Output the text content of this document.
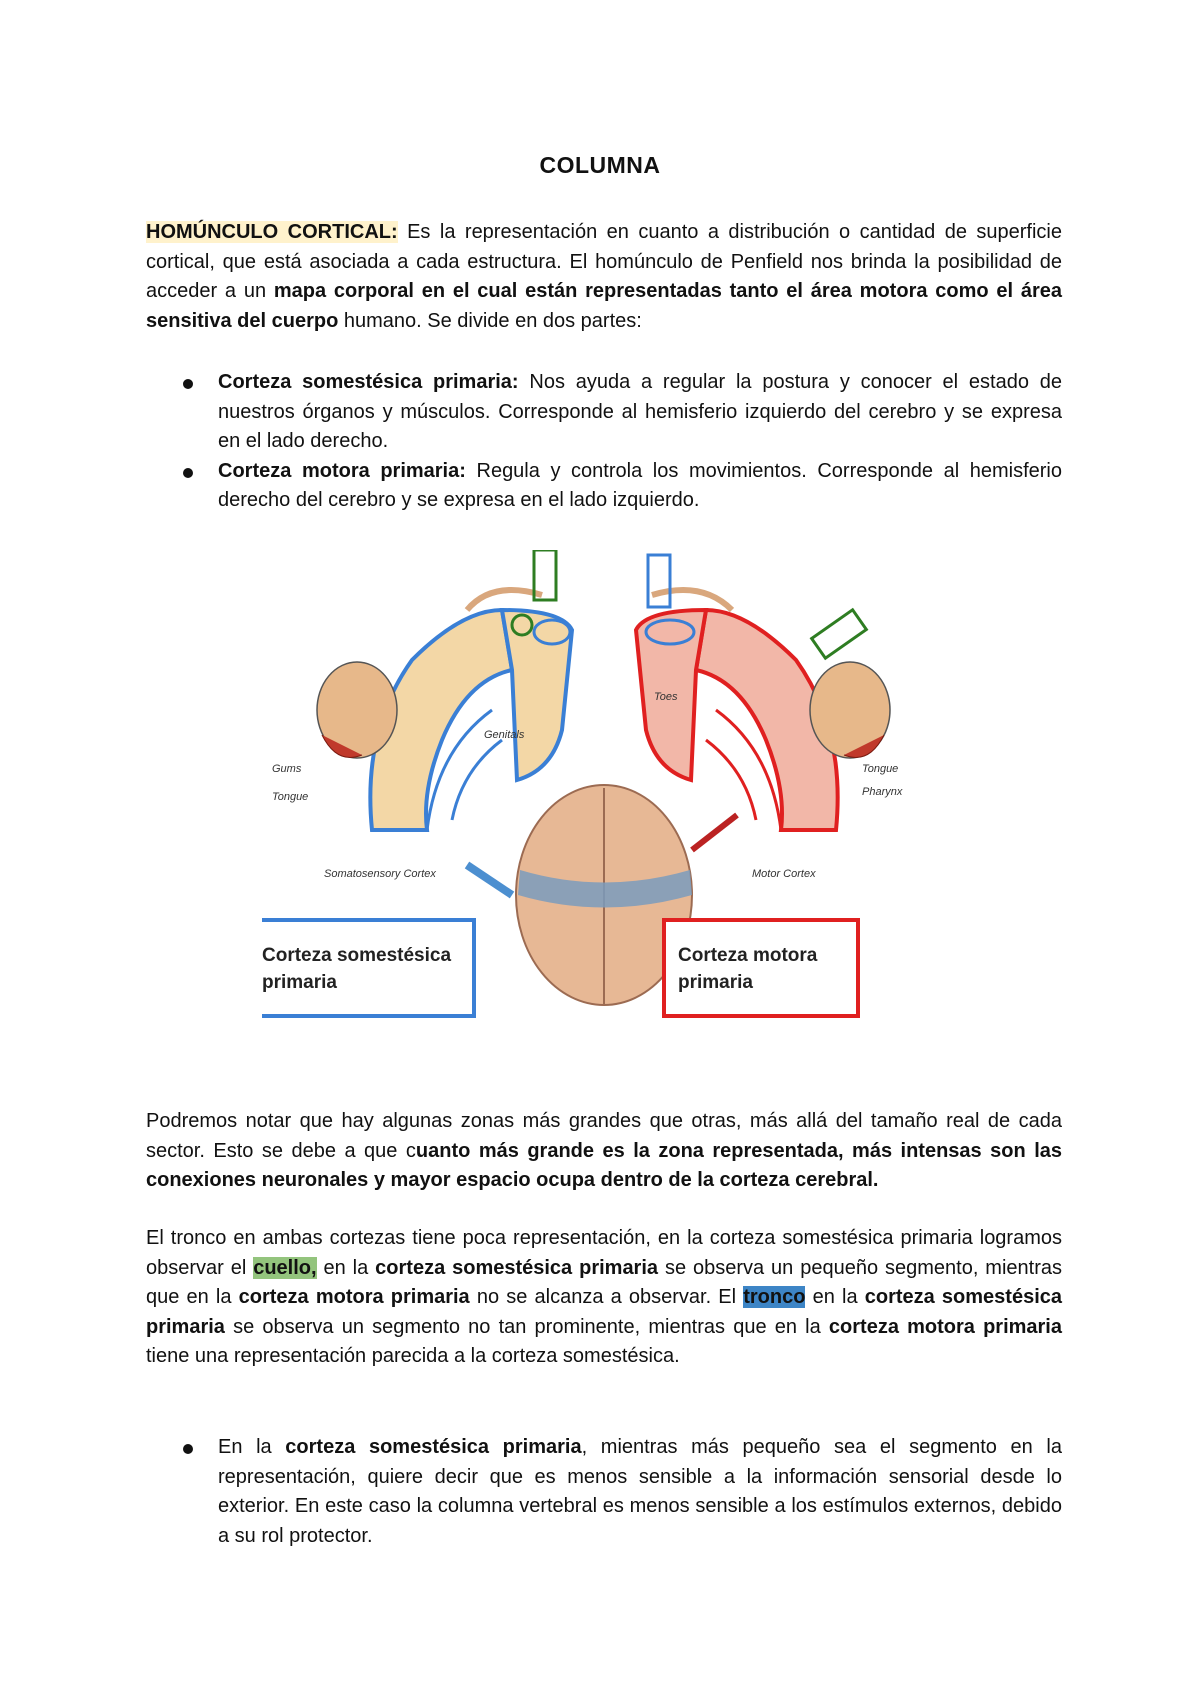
COLUMNA
HOMÚNCULO CORTICAL: Es la representación en cuanto a distribución o cantidad de superficie cortical, que está asociada a cada estructura. El homúnculo de Penfield nos brinda la posibilidad de acceder a un mapa corporal en el cual están representadas tanto el área motora como el área sensitiva del cuerpo humano. Se divide en dos partes:
Corteza somestésica primaria: Nos ayuda a regular la postura y conocer el estado de nuestros órganos y músculos. Corresponde al hemisferio izquierdo del cerebro y se expresa en el lado derecho.
Corteza motora primaria: Regula y controla los movimientos. Corresponde al hemisferio derecho del cerebro y se expresa en el lado izquierdo.
Somatosensory Cortex	Motor Cortex
Gums
Tongue
Tongue
Pharynx
Genitals
Toes
Corteza somestésica
primaria
Corteza motora
primaria
Podremos notar que hay algunas zonas más grandes que otras, más allá del tamaño real de cada sector. Esto se debe a que cuanto más grande es la zona representada, más intensas son las conexiones neuronales y mayor espacio ocupa dentro de la corteza cerebral.
El tronco en ambas cortezas tiene poca representación, en la corteza somestésica primaria logramos observar el cuello, en la corteza somestésica primaria se observa un pequeño segmento, mientras que en la corteza motora primaria no se alcanza a observar. El tronco en la corteza somestésica primaria se observa un segmento no tan prominente, mientras que en la corteza motora primaria tiene una representación parecida a la corteza somestésica.
En la corteza somestésica primaria, mientras más pequeño sea el segmento en la representación, quiere decir que es menos sensible a la información sensorial desde lo exterior. En este caso la columna vertebral es menos sensible a los estímulos externos, debido a su rol protector.
